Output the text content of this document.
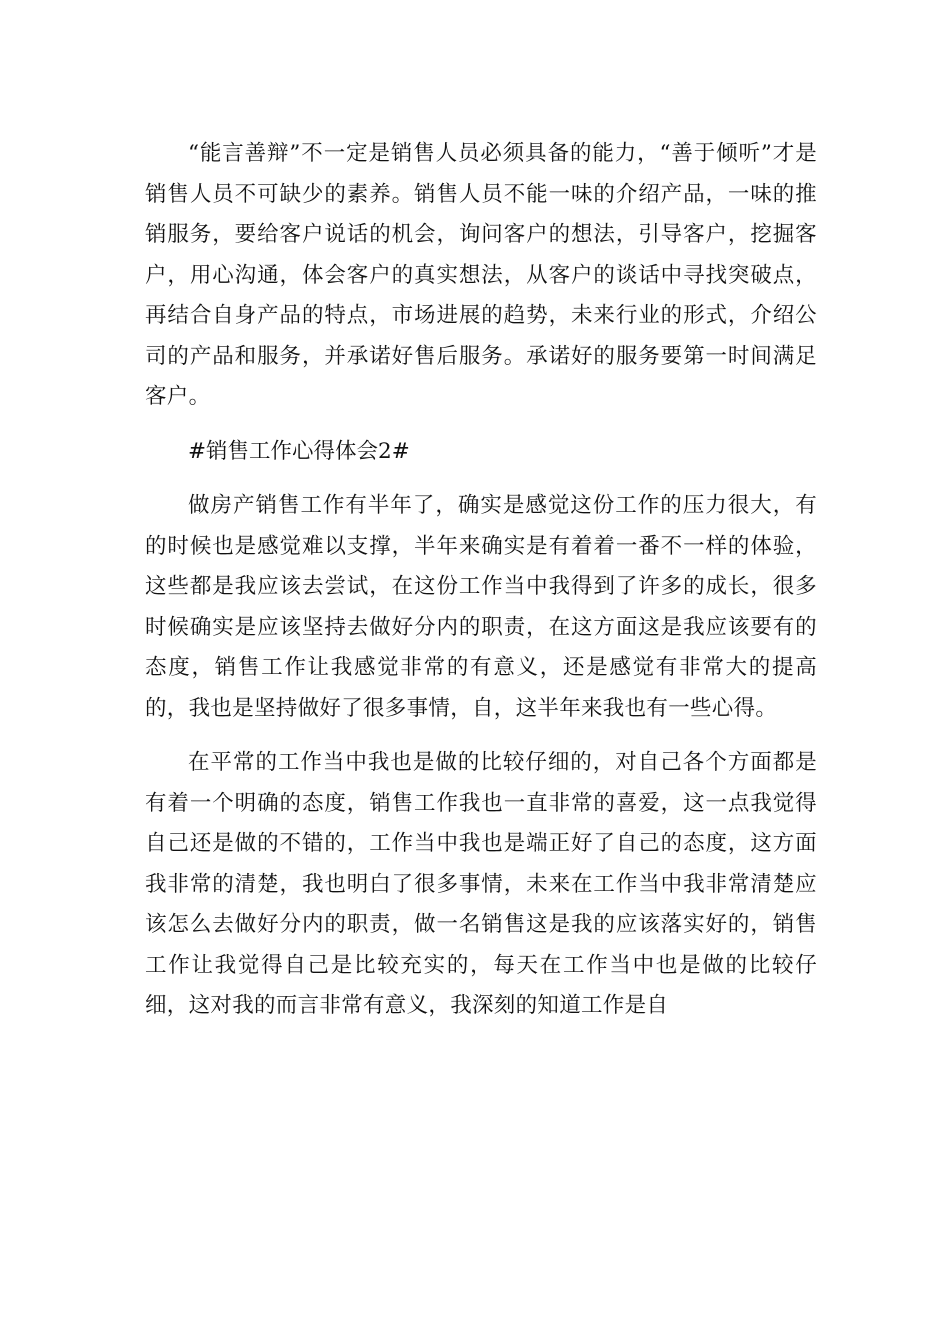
“能言善辩”不一定是销售人员必须具备的能力，“善于倾听”才是销售人员不可缺少的素养。销售人员不能一味的介绍产品，一味的推销服务，要给客户说话的机会，询问客户的想法，引导客户，挖掘客户，用心沟通，体会客户的真实想法，从客户的谈话中寻找突破点，再结合自身产品的特点，市场进展的趋势，未来行业的形式，介绍公司的产品和服务，并承诺好售后服务。承诺好的服务要第一时间满足客户。

#销售工作心得体会2#

做房产销售工作有半年了，确实是感觉这份工作的压力很大，有的时候也是感觉难以支撑，半年来确实是有着着一番不一样的体验，这些都是我应该去尝试，在这份工作当中我得到了许多的成长，很多时候确实是应该坚持去做好分内的职责，在这方面这是我应该要有的态度，销售工作让我感觉非常的有意义，还是感觉有非常大的提高的，我也是坚持做好了很多事情，自，这半年来我也有一些心得。

在平常的工作当中我也是做的比较仔细的，对自己各个方面都是有着一个明确的态度，销售工作我也一直非常的喜爱，这一点我觉得自己还是做的不错的，工作当中我也是端正好了自己的态度，这方面我非常的清楚，我也明白了很多事情，未来在工作当中我非常清楚应该怎么去做好分内的职责，做一名销售这是我的应该落实好的，销售工作让我觉得自己是比较充实的，每天在工作当中也是做的比较仔细，这对我的而言非常有意义，我深刻的知道工作是自
